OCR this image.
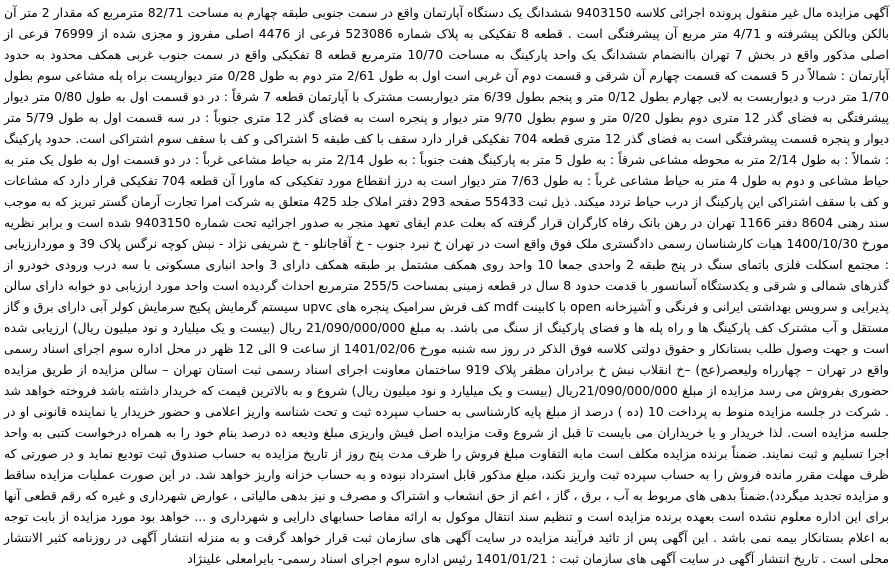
آگهی مزایده مال غیر منقول پرونده اجرائی کلاسه 9403150 ششدانگ یک دستگاه آپارتمان واقع در سمت جنوبی طبقه چهارم به مساحت 82/71 مترمربع که مقدار 2 متر آن بالکن وبالکن پیشرفته و 4/71 متر مربع آن پیشرفتگی است . قطعه 8 تفکیکی به پلاک شماره 523086 فرعی از 4476 اصلی مفروز و مجزی شده از 76999 فرعی از اصلی مذکور واقع در بخش 7 تهران باانضمام ششدانگ یک واحد پارکینگ به مساحت 10/70 مترمربع قطعه 8 تفکیکی واقع در سمت جنوب غربی همکف محدود به حدود آپارتمان : شمالاً در 5 قسمت که قسمت چهارم آن شرقی و قسمت دوم آن غربی است اول به طول 2/61 متر دوم به طول 0/28 متر دیوارپست براه پله مشاعی سوم بطول 1/70 متر درب و دیواربست به لابی چهارم بطول 0/12 متر و پنجم بطول 6/39 متر دیواربست مشترک با آپارتمان قطعه 7 شرقاً : در دو قسمت اول به طول 0/80 متر دیوار پیشرفتگی به فضای گذر 12 متری دوم بطول 0/20 متر و سوم بطول 9/70 متر دیوار و پنجره است به فضای گذر 12 متری جنوباً : در سه قسمت اول به طول 5/79 متر دیوار و پنجره قسمت پیشرفتگی است به فضای گذر 12 متری قطعه 704 تفکیکی قرار دارد سقف با کف طبقه 5 اشتراکی و کف با سقف سوم اشتراکی است. حدود پارکینگ : شمالاً : به طول 2/14 متر به محوطه مشاعی شرقاً : به طول 5 متر به پارکینگ هفت جنوباً : به طول 2/14 متر به حیاط مشاعی غرباً : در دو قسمت اول به طول یک متر به حیاط مشاعی و دوم به طول 4 متر به حیاط مشاعی غرباً : به طول 7/63 متر دیوار است به درز انقطاع مورد تفکیکی که ماورا آن قطعه 704 تفکیکی قرار دارد که مشاعات و کف با سقف اشتراکی این پارکینگ از درب حیاط تردد میکند. ذیل ثبت 55433 صفحه 293 دفتر املاک جلد 425 متعلق به شرکت امرا تجارت آرمان گستر تبریز که به موجب سند رهنی 8604 دفتر 1166 تهران در رهن بانک رفاه کارگران قرار گرفته که بعلت عدم ایفای تعهد منجر به صدور اجرائیه تحت شماره 9403150 شده است و برابر نظریه مورخ 1400/10/30 هیات کارشناسان رسمی دادگستری ملک فوق واقع است در تهران خ نبرد جنوب - خ آقاجانلو - خ شریفی نژاد - نبش کوچه نرگس پلاک 39 و موردارزیابی : مجتمع اسکلت فلزی باتمای سنگ در پنج طبقه 2 واحدی جمعا 10 واحد روی همکف مشتمل بر طبقه همکف دارای 3 واحد انباری مسکونی با سه درب ورودی خودرو از گذرهای شمالی و شرقی و یکدستگاه آسانسور با قدمت حدود 8 سال در قطعه زمینی بمساحت 255/5 مترمربع احداث گردیده است واحد مورد ارزیابی دو خوابه دارای سالن پذیرایی و سرویس بهداشتی ایرانی و فرنگی و آشپزخانه open با کابینت mdf کف فرش سرامیک پنجره های upvc سیستم گرمایش پکیج سرمایش کولر آبی دارای برق و گاز مستقل و آب مشترک کف پارکینگ ها و راه پله ها و فضای پارکینگ از سنگ می باشد. به مبلغ 21/090/000/000 ریال (بیست و یک میلیارد و نود میلیون ریال) ارزیابی شده است و جهت وصول طلب بستانکار و حقوق دولتی کلاسه فوق الذکر در روز سه شنبه مورخ 1401/02/06 از ساعت 9 الی 12 ظهر در محل اداره سوم اجرای اسناد رسمی واقع در تهران – چهارراه ولیعصر(عج) –خ انقلاب نبش خ برادران مظفر پلاک 919 ساختمان معاونت اجرای اسناد رسمی ثبت استان تهران – سالن مزایده از طریق مزایده حضوری بفروش می رسد مزایده از مبلغ 21/090/000/000ریال (بیست و یک میلیارد و نود میلیون ریال) شروع و به بالاترین قیمت که خریدار داشته باشد فروخته خواهد شد . شرکت در جلسه مزایده منوط به پرداخت 10 (ده ) درصد از مبلغ پایه کارشناسی به حساب سپرده ثبت و تحت شناسه واریز اعلامی و حضور خریدار یا نماینده قانونی او در جلسه مزایده است. لذا خریدار و یا خریداران می بایست تا قبل از شروع وقت مزایده اصل فیش واریزی مبلغ ودیعه ده درصد بنام خود را به همراه درخواست کتبی به واحد اجرا تسلیم و ثبت نمایند. ضمناً برنده مزایده مکلف است مابه التفاوت مبلغ فروش را ظرف مدت پنج روز از تاریخ مزایده به حساب صندوق ثبت تودیع نماید و در صورتی که ظرف مهلت مقرر مانده فروش را به حساب سپرده ثبت واریز نکند، مبلغ مذکور قابل استرداد نبوده و به حساب خزانه واریز خواهد شد. در این صورت عملیات مزایده ساقط و مزایده تجدید میگردد).ضمناً بدهی های مربوط به آب ، برق ، گاز ، اعم از حق انشعاب و اشتراک و مصرف و نیز بدهی مالیاتی ، عوارض شهرداری و غیره که رقم قطعی آنها برای این اداره معلوم نشده است بعهده برنده مزایده است و تنظیم سند انتقال موکول به ارائه مفاصا حسابهای دارایی و شهرداری و ... خواهد بود مورد مزایده از بابت توجه به اعلام بستانکار بیمه نمی باشد . این آگهی پس از تائید فرآیند مزایده در سایت آگهی های سازمان ثبت قرار خواهد گرفت و به منزله انتشار آگهی در روزنامه کثیر الانتشار محلی است . تاریخ انتشار آگهی در سایت آگهی های سازمان ثبت : 1401/01/21 رئیس اداره سوم اجرای اسناد رسمی- بایرامعلی علینژاد
